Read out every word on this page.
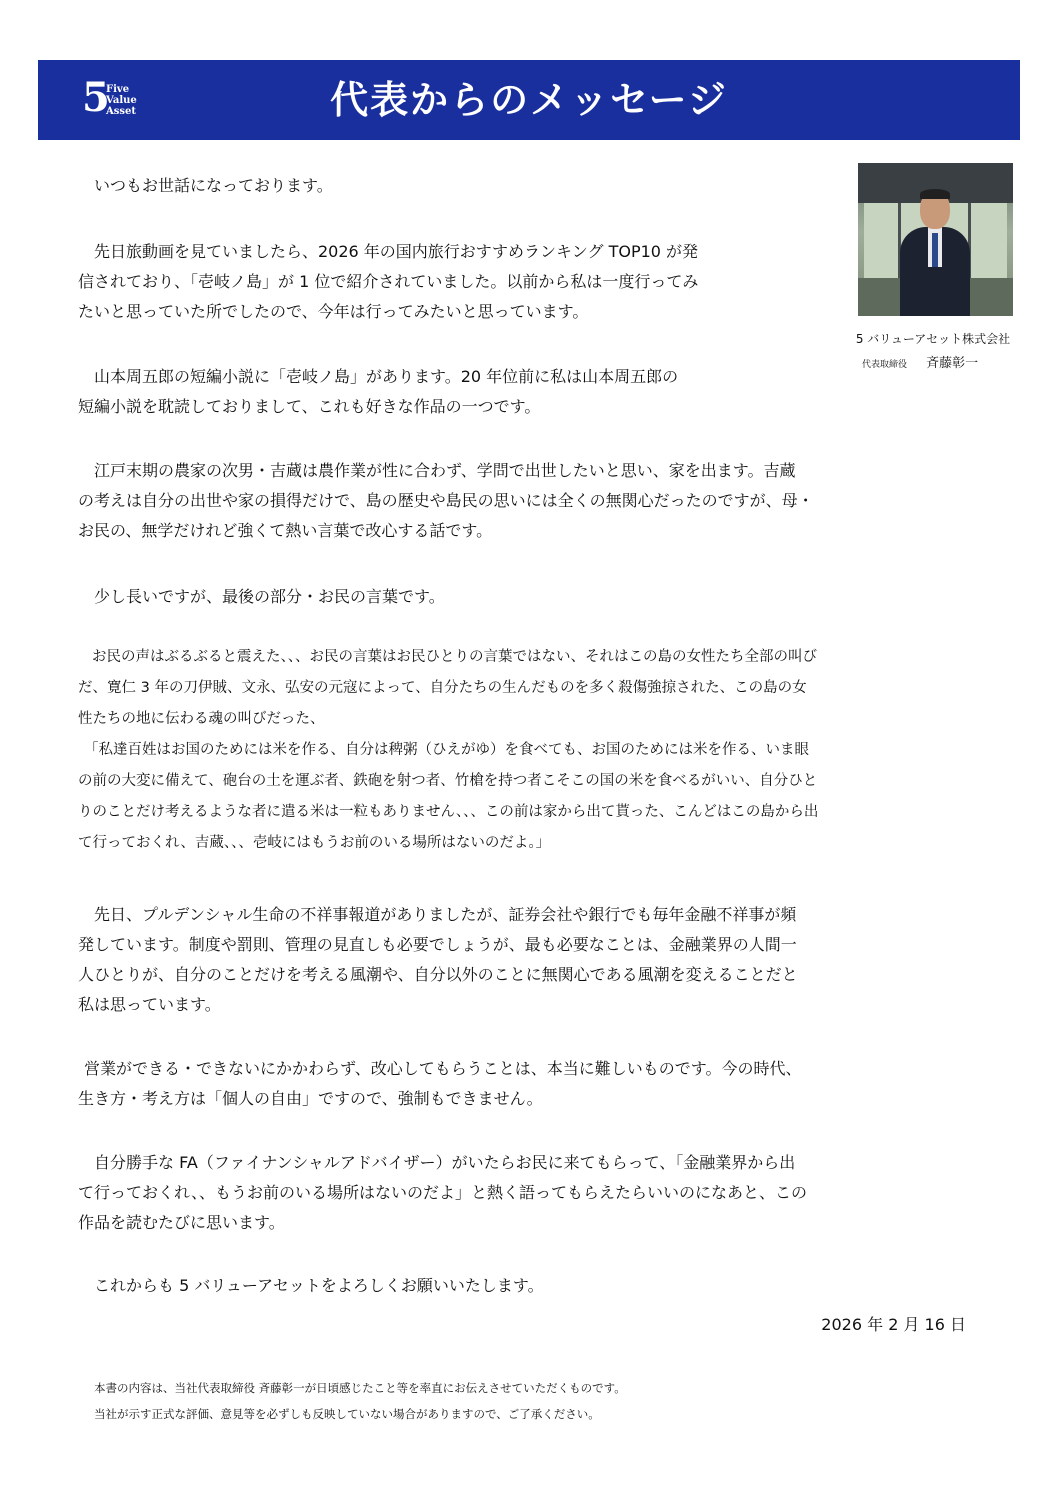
5
Five
Value
Asset	代表からのメッセージ
5 バリューアセット株式会社
代表取締役 斉藤彰一
いつもお世話になっております。
先日旅動画を見ていましたら、2026 年の国内旅行おすすめランキング TOP10 が発
信されており、「壱岐ノ島」が 1 位で紹介されていました。以前から私は一度行ってみ
たいと思っていた所でしたので、今年は行ってみたいと思っています。
山本周五郎の短編小説に「壱岐ノ島」があります。20 年位前に私は山本周五郎の
短編小説を耽読しておりまして、これも好きな作品の一つです。
江戸末期の農家の次男・吉蔵は農作業が性に合わず、学問で出世したいと思い、家を出ます。吉蔵
の考えは自分の出世や家の損得だけで、島の歴史や島民の思いには全くの無関心だったのですが、母・
お民の、無学だけれど強くて熱い言葉で改心する話です。
少し長いですが、最後の部分・お民の言葉です。
お民の声はぶるぶると震えた、、、お民の言葉はお民ひとりの言葉ではない、それはこの島の女性たち全部の叫び
だ、寛仁 3 年の刀伊賊、文永、弘安の元寇によって、自分たちの生んだものを多く殺傷強掠された、この島の女
性たちの地に伝わる魂の叫びだった、
「私達百姓はお国のためには米を作る、自分は稗粥（ひえがゆ）を食べても、お国のためには米を作る、いま眼
の前の大変に備えて、砲台の土を運ぶ者、鉄砲を射つ者、竹槍を持つ者こそこの国の米を食べるがいい、自分ひと
りのことだけ考えるような者に遣る米は一粒もありません、、、この前は家から出て貰った、こんどはこの島から出
て行っておくれ、吉蔵、、、壱岐にはもうお前のいる場所はないのだよ。」
先日、プルデンシャル生命の不祥事報道がありましたが、証券会社や銀行でも毎年金融不祥事が頻
発しています。制度や罰則、管理の見直しも必要でしょうが、最も必要なことは、金融業界の人間一
人ひとりが、自分のことだけを考える風潮や、自分以外のことに無関心である風潮を変えることだと
私は思っています。
営業ができる・できないにかかわらず、改心してもらうことは、本当に難しいものです。今の時代、
生き方・考え方は「個人の自由」ですので、強制もできません。
自分勝手な FA（ファイナンシャルアドバイザー）がいたらお民に来てもらって、「金融業界から出
て行っておくれ、、もうお前のいる場所はないのだよ」と熱く語ってもらえたらいいのになあと、この
作品を読むたびに思います。
これからも 5 バリューアセットをよろしくお願いいたします。
2026 年 2 月 16 日
本書の内容は、当社代表取締役 斉藤彰一が日頃感じたこと等を率直にお伝えさせていただくものです。
当社が示す正式な評価、意見等を必ずしも反映していない場合がありますので、ご了承ください。
